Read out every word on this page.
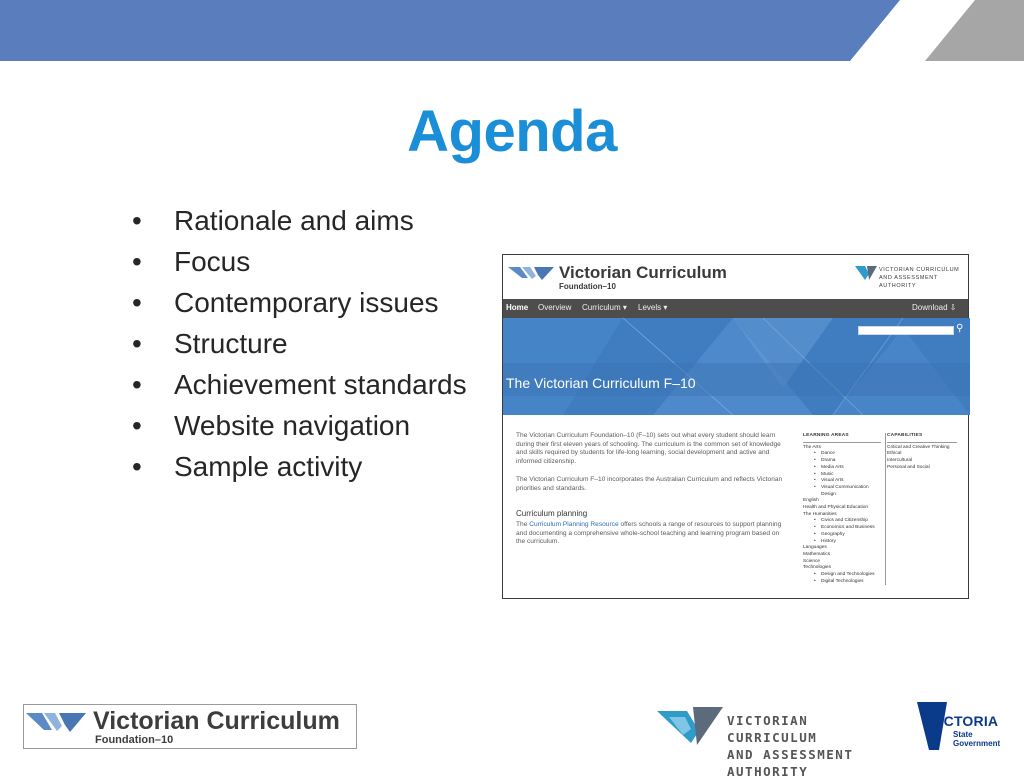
Agenda
•	Rationale and aims
•	Focus
•	Contemporary issues
•	Structure
•	Achievement standards
•	Website navigation
•	Sample activity
Victorian Curriculum
Foundation–10
VICTORIAN CURRICULUM
AND ASSESSMENT AUTHORITY
Home Overview Curriculum ▾ Levels ▾	Download ⇩
⚲
The Victorian Curriculum F–10
The Victorian Curriculum Foundation–10 (F–10) sets out what every student should learn during their first eleven years of schooling. The curriculum is the common set of knowledge and skills required by students for life-long learning, social development and active and informed citizenship.
The Victorian Curriculum F–10 incorporates the Australian Curriculum and reflects Victorian priorities and standards.
Curriculum planning
The Curriculum Planning Resource offers schools a range of resources to support planning and documenting a comprehensive whole-school teaching and learning program based on the curriculum.
LEARNING AREAS
The Arts
• Dance
• Drama
• Media Arts
• Music
• Visual Arts
• Visual Communication
Design
English
Health and Physical Education
The Humanities
• Civics and Citizenship
• Economics and Business
• Geography
• History
Languages
Mathematics
Science
Technologies
• Design and Technologies
• Digital Technologies
CAPABILITIES
Critical and Creative Thinking
Ethical
Intercultural
Personal and Social
Victorian Curriculum
Foundation–10
VICTORIAN CURRICULUM
AND ASSESSMENT AUTHORITY
VICTORIA
State
Government
